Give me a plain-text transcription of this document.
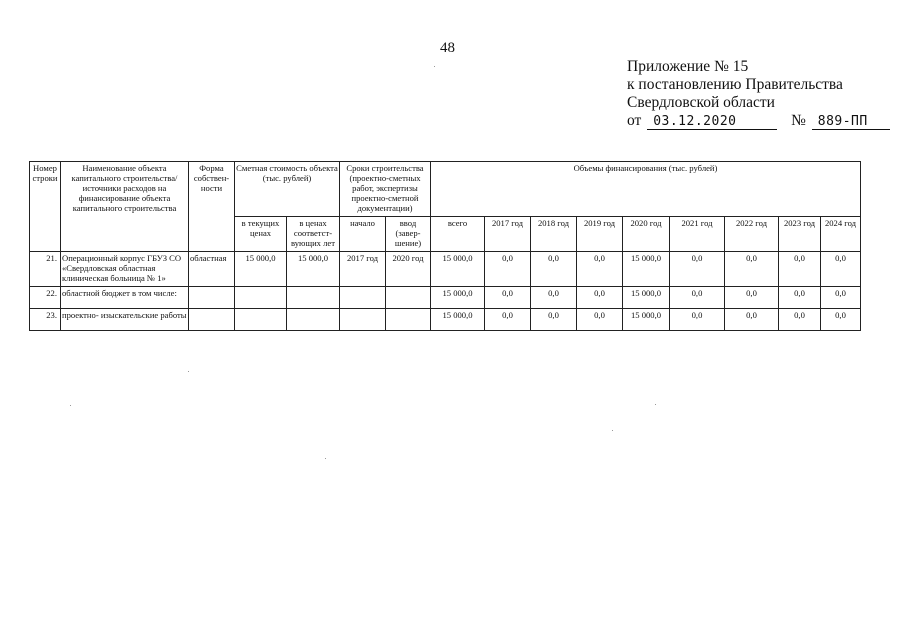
48
Приложение № 15
к постановлению Правительства
Свердловской области
от 03.12.2020	№ 889-ПП
Номер строки	Наименование объекта капитального строительства/ источники расходов на финансирование объекта капитального строительства	Форма собствен-ности	Сметная стоимость объекта (тыс. рублей)		Сроки строительства (проектно-сметных работ, экспертизы проектно-сметной документации)		Объемы финансирования (тыс. рублей)								
			в текущих ценах	в ценах соответст-вующих лет	начало	ввод (завер-шение)	всего	2017 год	2018 год	2019 год	2020 год	2021 год	2022 год	2023 год	2024 год
21.	Операционный корпус ГБУЗ СО «Свердловская областная клиническая больница № 1»	областная	15 000,0	15 000,0	2017 год	2020 год	15 000,0	0,0	0,0	0,0	15 000,0	0,0	0,0	0,0	0,0
22.	областной бюджет в том числе:						15 000,0	0,0	0,0	0,0	15 000,0	0,0	0,0	0,0	0,0
23.	проектно- изыскательские работы						15 000,0	0,0	0,0	0,0	15 000,0	0,0	0,0	0,0	0,0
